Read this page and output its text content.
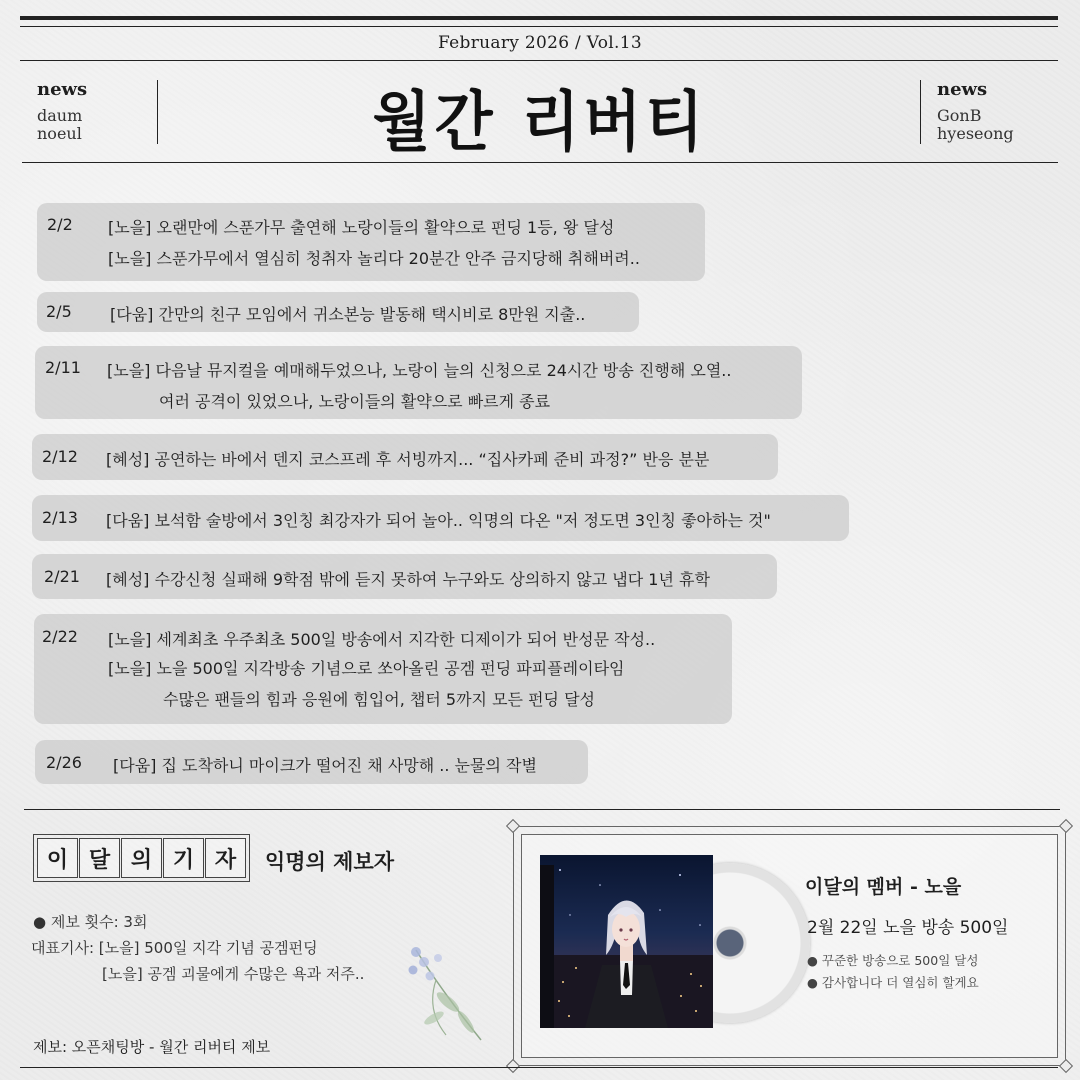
February 2026 / Vol.13
news
daum
noeul	월간 리버티	news
GonB
hyeseong
2/2 [노을] 오랜만에 스푼가무 출연해 노랑이들의 활약으로 펀딩 1등, 왕 달성
[노을] 스푼가무에서 열심히 청취자 놀리다 20분간 안주 금지당해 취해버려..
2/5 [다움] 간만의 친구 모임에서 귀소본능 발동해 택시비로 8만원 지출..
2/11 [노을] 다음날 뮤지컬을 예매해두었으나, 노랑이 늘의 신청으로 24시간 방송 진행해 오열..
여러 공격이 있었으나, 노랑이들의 활약으로 빠르게 종료
2/12 [혜성] 공연하는 바에서 덴지 코스프레 후 서빙까지... “집사카페 준비 과정?” 반응 분분
2/13 [다움] 보석함 술방에서 3인칭 최강자가 되어 놀아.. 익명의 다온 "저 정도면 3인칭 좋아하는 것"
2/21 [혜성] 수강신청 실패해 9학점 밖에 듣지 못하여 누구와도 상의하지 않고 냅다 1년 휴학
2/22 [노을] 세계최초 우주최초 500일 방송에서 지각한 디제이가 되어 반성문 작성..
[노을] 노을 500일 지각방송 기념으로 쏘아올린 공겜 펀딩 파피플레이타임
수많은 팬들의 힘과 응원에 힘입어, 챕터 5까지 모든 펀딩 달성
2/26 [다움] 집 도착하니 마이크가 떨어진 채 사망해 .. 눈물의 작별
이 달 의 기 자	익명의 제보자
● 제보 횟수: 3회
대표기사: [노을] 500일 지각 기념 공겜펀딩
[노을] 공겜 괴물에게 수많은 욕과 저주..
제보: 오픈채팅방 - 월간 리버티 제보
이달의 멤버 - 노을
2월 22일 노을 방송 500일
● 꾸준한 방송으로 500일 달성
● 감사합니다 더 열심히 할게요
